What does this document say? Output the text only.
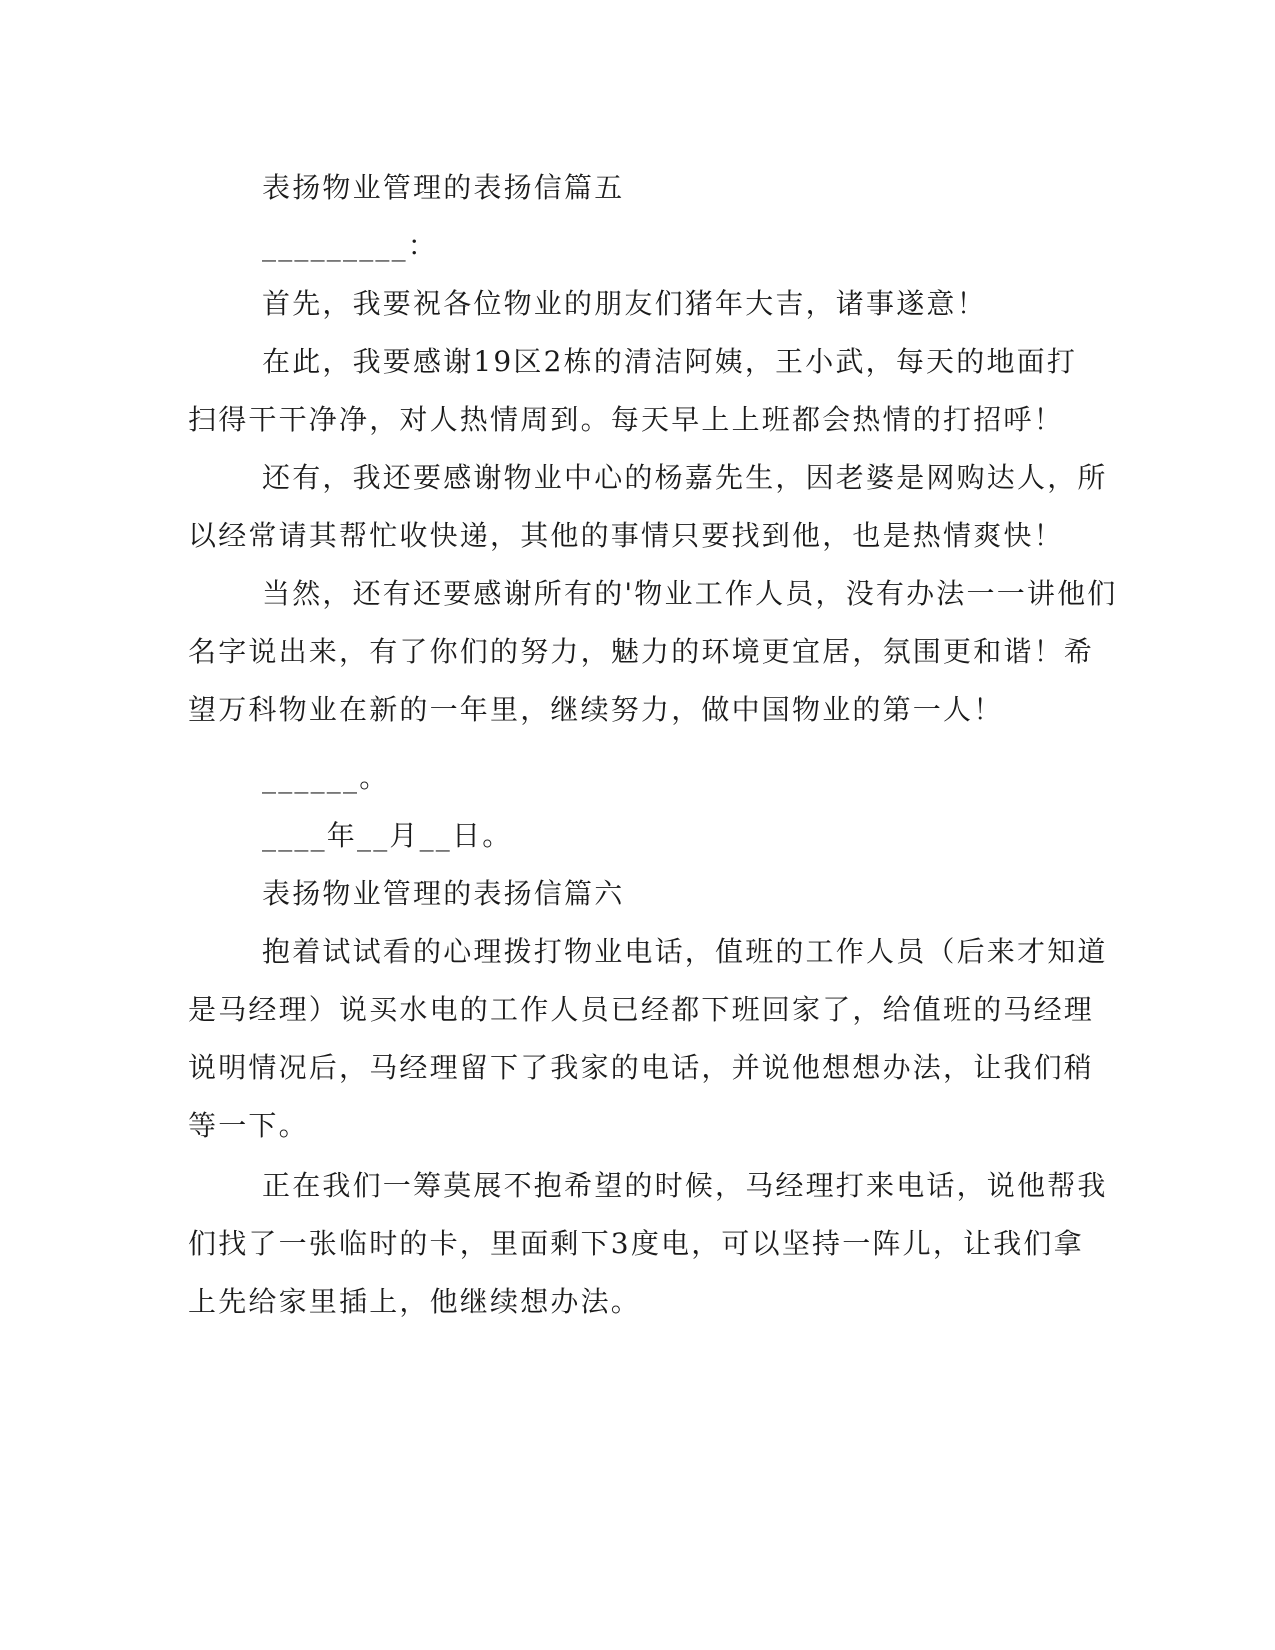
表扬物业管理的表扬信篇五
_________：
首先，我要祝各位物业的朋友们猪年大吉，诸事遂意！
在此，我要感谢19区2栋的清洁阿姨，王小武，每天的地面打
扫得干干净净，对人热情周到。每天早上上班都会热情的打招呼！
还有，我还要感谢物业中心的杨嘉先生，因老婆是网购达人，所
以经常请其帮忙收快递，其他的事情只要找到他，也是热情爽快！
当然，还有还要感谢所有的'物业工作人员，没有办法一一讲他们
名字说出来，有了你们的努力，魅力的环境更宜居，氛围更和谐！希
望万科物业在新的一年里，继续努力，做中国物业的第一人！
______。
____年__月__日。
表扬物业管理的表扬信篇六
抱着试试看的心理拨打物业电话，值班的工作人员（后来才知道
是马经理）说买水电的工作人员已经都下班回家了，给值班的马经理
说明情况后，马经理留下了我家的电话，并说他想想办法，让我们稍
等一下。
正在我们一筹莫展不抱希望的时候，马经理打来电话，说他帮我
们找了一张临时的卡，里面剩下3度电，可以坚持一阵儿，让我们拿
上先给家里插上，他继续想办法。
